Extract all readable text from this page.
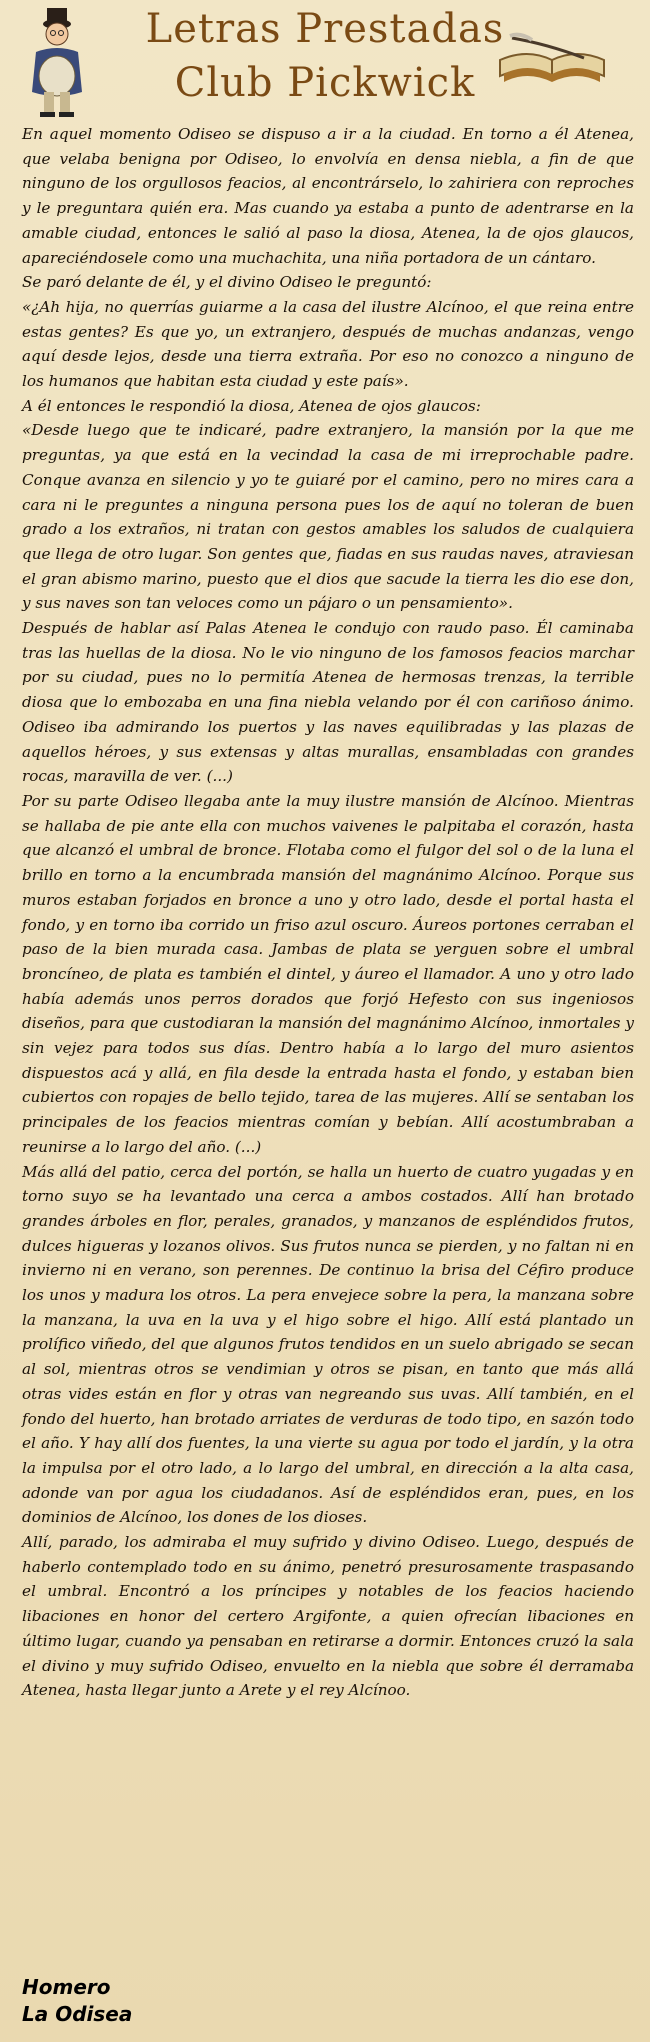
Letras Prestadas
Club Pickwick

En aquel momento Odiseo se dispuso a ir a la ciudad. En torno a él Atenea, que velaba benigna por Odiseo, lo envolvía en densa niebla, a fin de que ninguno de los orgullosos feacios, al encontrárselo, lo zahiriera con reproches y le preguntara quién era. Mas cuando ya estaba a punto de adentrarse en la amable ciudad, entonces le salió al paso la diosa, Atenea, la de ojos glaucos, apareciéndosele como una muchachita, una niña portadora de un cántaro.

Se paró delante de él, y el divino Odiseo le preguntó:

«¿Ah hija, no querrías guiarme a la casa del ilustre Alcínoo, el que reina entre estas gentes? Es que yo, un extranjero, después de muchas andanzas, vengo aquí desde lejos, desde una tierra extraña. Por eso no conozco a ninguno de los humanos que habitan esta ciudad y este país».

A él entonces le respondió la diosa, Atenea de ojos glaucos:

«Desde luego que te indicaré, padre extranjero, la mansión por la que me preguntas, ya que está en la vecindad la casa de mi irreprochable padre. Conque avanza en silencio y yo te guiaré por el camino, pero no mires cara a cara ni le preguntes a ninguna persona pues los de aquí no toleran de buen grado a los extraños, ni tratan con gestos amables los saludos de cualquiera que llega de otro lugar. Son gentes que, fiadas en sus raudas naves, atraviesan el gran abismo marino, puesto que el dios que sacude la tierra les dio ese don, y sus naves son tan veloces como un pájaro o un pensamiento».

Después de hablar así Palas Atenea le condujo con raudo paso. Él caminaba tras las huellas de la diosa. No le vio ninguno de los famosos feacios marchar por su ciudad, pues no lo permitía Atenea de hermosas trenzas, la terrible diosa que lo embozaba en una fina niebla velando por él con cariñoso ánimo. Odiseo iba admirando los puertos y las naves equilibradas y las plazas de aquellos héroes, y sus extensas y altas murallas, ensambladas con grandes rocas, maravilla de ver. (...)

Por su parte Odiseo llegaba ante la muy ilustre mansión de Alcínoo. Mientras se hallaba de pie ante ella con muchos vaivenes le palpitaba el corazón, hasta que alcanzó el umbral de bronce. Flotaba como el fulgor del sol o de la luna el brillo en torno a la encumbrada mansión del magnánimo Alcínoo. Porque sus muros estaban forjados en bronce a uno y otro lado, desde el portal hasta el fondo, y en torno iba corrido un friso azul oscuro. Áureos portones cerraban el paso de la bien murada casa. Jambas de plata se yerguen sobre el umbral broncíneo, de plata es también el dintel, y áureo el llamador. A uno y otro lado había además unos perros dorados que forjó Hefesto con sus ingeniosos diseños, para que custodiaran la mansión del magnánimo Alcínoo, inmortales y sin vejez para todos sus días. Dentro había a lo largo del muro asientos dispuestos acá y allá, en fila desde la entrada hasta el fondo, y estaban bien cubiertos con ropajes de bello tejido, tarea de las mujeres. Allí se sentaban los principales de los feacios mientras comían y bebían. Allí acostumbraban a reunirse a lo largo del año. (...)

Más allá del patio, cerca del portón, se halla un huerto de cuatro yugadas y en torno suyo se ha levantado una cerca a ambos costados. Allí han brotado grandes árboles en flor, perales, granados, y manzanos de espléndidos frutos, dulces higueras y lozanos olivos. Sus frutos nunca se pierden, y no faltan ni en invierno ni en verano, son perennes. De continuo la brisa del Céfiro produce los unos y madura los otros. La pera envejece sobre la pera, la manzana sobre la manzana, la uva en la uva y el higo sobre el higo. Allí está plantado un prolífico viñedo, del que algunos frutos tendidos en un suelo abrigado se secan al sol, mientras otros se vendimian y otros se pisan, en tanto que más allá otras vides están en flor y otras van negreando sus uvas. Allí también, en el fondo del huerto, han brotado arriates de verduras de todo tipo, en sazón todo el año. Y hay allí dos fuentes, la una vierte su agua por todo el jardín, y la otra la impulsa por el otro lado, a lo largo del umbral, en dirección a la alta casa, adonde van por agua los ciudadanos. Así de espléndidos eran, pues, en los dominios de Alcínoo, los dones de los dioses.

Allí, parado, los admiraba el muy sufrido y divino Odiseo. Luego, después de haberlo contemplado todo en su ánimo, penetró presurosamente traspasando el umbral. Encontró a los príncipes y notables de los feacios haciendo libaciones en honor del certero Argifonte, a quien ofrecían libaciones en último lugar, cuando ya pensaban en retirarse a dormir. Entonces cruzó la sala el divino y muy sufrido Odiseo, envuelto en la niebla que sobre él derramaba Atenea, hasta llegar junto a Arete y el rey Alcínoo.

Homero
La Odisea
